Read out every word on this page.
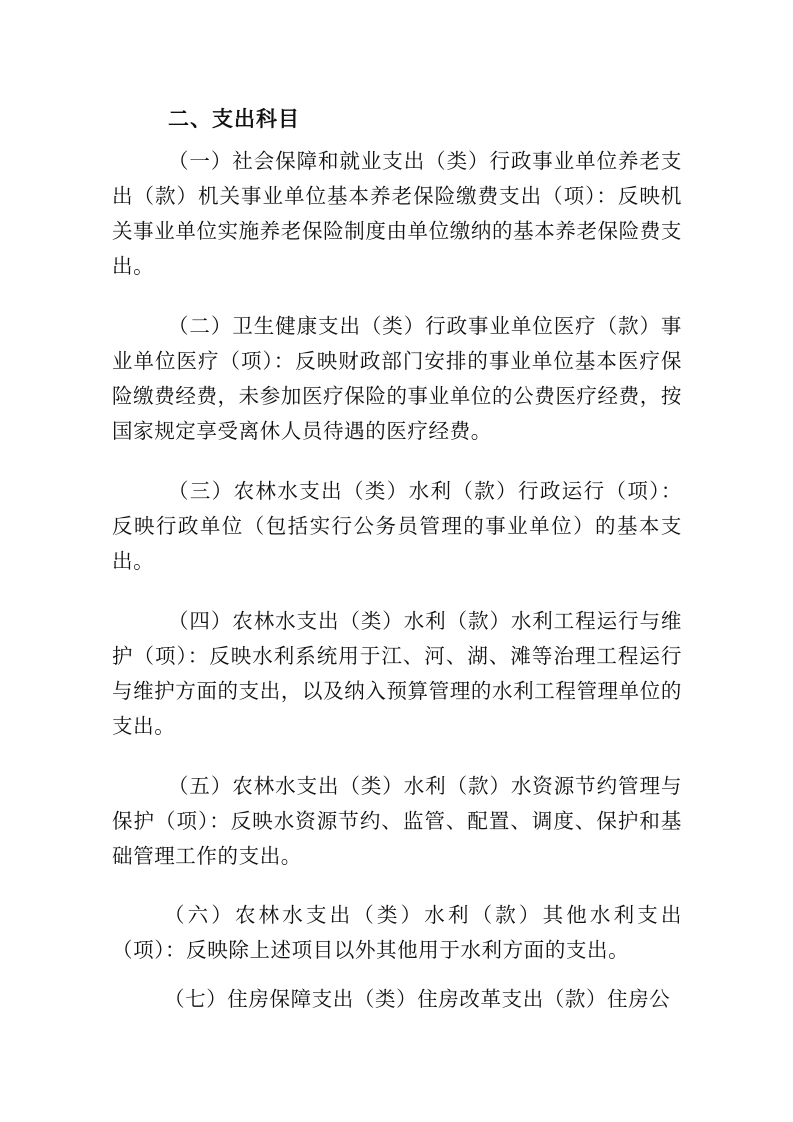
二、支出科目

（一）社会保障和就业支出（类）行政事业单位养老支出（款）机关事业单位基本养老保险缴费支出（项）：反映机关事业单位实施养老保险制度由单位缴纳的基本养老保险费支出。

（二）卫生健康支出（类）行政事业单位医疗（款）事业单位医疗（项）：反映财政部门安排的事业单位基本医疗保险缴费经费，未参加医疗保险的事业单位的公费医疗经费，按国家规定享受离休人员待遇的医疗经费。

（三）农林水支出（类）水利（款）行政运行（项）：反映行政单位（包括实行公务员管理的事业单位）的基本支出。

（四）农林水支出（类）水利（款）水利工程运行与维护（项）：反映水利系统用于江、河、湖、滩等治理工程运行与维护方面的支出，以及纳入预算管理的水利工程管理单位的支出。

（五）农林水支出（类）水利（款）水资源节约管理与保护（项）：反映水资源节约、监管、配置、调度、保护和基础管理工作的支出。

（六）农林水支出（类）水利（款）其他水利支出（项）：反映除上述项目以外其他用于水利方面的支出。

（七）住房保障支出（类）住房改革支出（款）住房公
